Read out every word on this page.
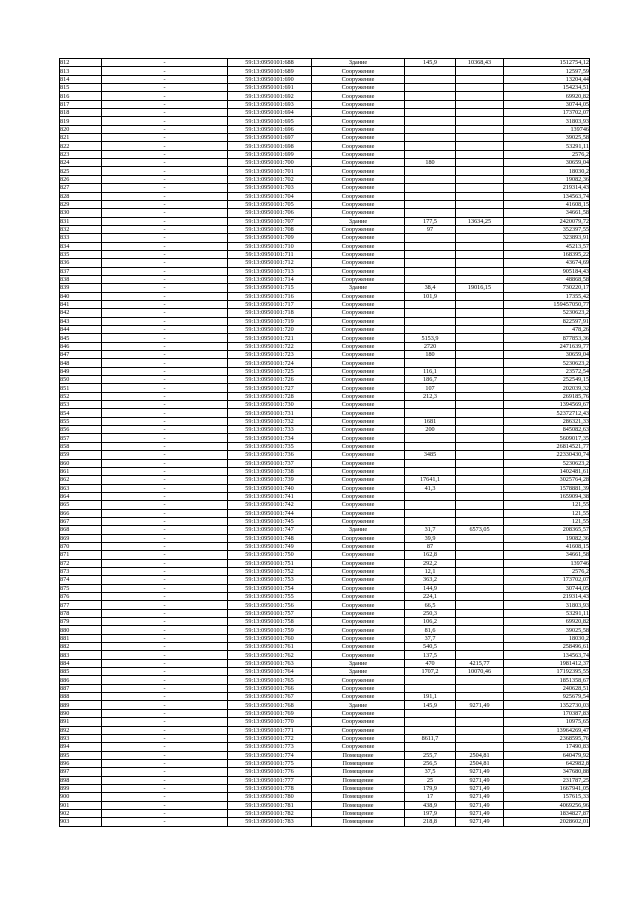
812	-	59:13:0950101:688	Здание	145,9	10368,43	1512754,12
813	-	59:13:0950101:689	Сооружение			12597,59
814	-	59:13:0950101:690	Сооружение			13204,44
815	-	59:13:0950101:691	Сооружение			154234,51
816	-	59:13:0950101:692	Сооружение			69920,82
817	-	59:13:0950101:693	Сооружение			30744,05
818	-	59:13:0950101:694	Сооружение			173702,07
819	-	59:13:0950101:695	Сооружение			31803,93
820	-	59:13:0950101:696	Сооружение			139746
821	-	59:13:0950101:697	Сооружение			39025,58
822	-	59:13:0950101:698	Сооружение			53291,11
823	-	59:13:0950101:699	Сооружение			2576,2
824	-	59:13:0950101:700	Сооружение	180		30659,04
825	-	59:13:0950101:701	Сооружение			18030,2
826	-	59:13:0950101:702	Сооружение			19082,36
827	-	59:13:0950101:703	Сооружение			219314,43
828	-	59:13:0950101:704	Сооружение			134563,74
829	-	59:13:0950101:705	Сооружение			41608,15
830	-	59:13:0950101:706	Сооружение			34661,58
831	-	59:13:0950101:707	Здание	177,5	13634,25	2420079,72
832	-	59:13:0950101:708	Сооружение	97		352397,55
833	-	59:13:0950101:709	Сооружение			323893,91
834	-	59:13:0950101:710	Сооружение			45213,57
835	-	59:13:0950101:711	Сооружение			168395,22
836	-	59:13:0950101:712	Сооружение			43674,69
837	-	59:13:0950101:713	Сооружение			905184,43
838	-	59:13:0950101:714	Сооружение			48868,58
839	-	59:13:0950101:715	Здание	38,4	19016,15	730220,17
840	-	59:13:0950101:716	Сооружение	101,9		17355,42
841	-	59:13:0950101:717	Сооружение			159457050,77
842	-	59:13:0950101:718	Сооружение			5230623,2
843	-	59:13:0950101:719	Сооружение			822597,91
844	-	59:13:0950101:720	Сооружение			478,26
845	-	59:13:0950101:721	Сооружение	5153,9		877853,36
846	-	59:13:0950101:722	Сооружение	2720		2471639,77
847	-	59:13:0950101:723	Сооружение	180		30659,04
848	-	59:13:0950101:724	Сооружение			5230623,2
849	-	59:13:0950101:725	Сооружение	116,1		23572,54
850	-	59:13:0950101:726	Сооружение	186,7		252549,15
851	-	59:13:0950101:727	Сооружение	107		202039,32
852	-	59:13:0950101:728	Сооружение	212,3		269185,76
853	-	59:13:0950101:730	Сооружение			1394569,67
854	-	59:13:0950101:731	Сооружение			52372712,43
855	-	59:13:0950101:732	Сооружение	1681		286321,33
856	-	59:13:0950101:733	Сооружение	200		845082,63
857	-	59:13:0950101:734	Сооружение			5609017,35
858	-	59:13:0950101:735	Сооружение			26814521,77
859	-	59:13:0950101:736	Сооружение	3485		22330430,74
860	-	59:13:0950101:737	Сооружение			5230623,2
861	-	59:13:0950101:738	Сооружение			1402481,61
862	-	59:13:0950101:739	Сооружение	17641,1		3025764,28
863	-	59:13:0950101:740	Сооружение	41,3		1578881,39
864	-	59:13:0950101:741	Сооружение			1659094,38
865	-	59:13:0950101:742	Сооружение			121,55
866	-	59:13:0950101:744	Сооружение			121,55
867	-	59:13:0950101:745	Сооружение			121,55
868	-	59:13:0950101:747	Здание	31,7	6573,05	208365,57
869	-	59:13:0950101:748	Сооружение	39,9		19082,36
870	-	59:13:0950101:749	Сооружение	87		41608,15
871	-	59:13:0950101:750	Сооружение	162,8		34661,58
872	-	59:13:0950101:751	Сооружение	292,2		139746
873	-	59:13:0950101:752	Сооружение	12,1		2576,2
874	-	59:13:0950101:753	Сооружение	363,2		173702,07
875	-	59:13:0950101:754	Сооружение	144,9		30744,05
876	-	59:13:0950101:755	Сооружение	224,1		219314,43
877	-	59:13:0950101:756	Сооружение	66,5		31803,93
878	-	59:13:0950101:757	Сооружение	250,3		53291,11
879	-	59:13:0950101:758	Сооружение	106,2		69920,82
880	-	59:13:0950101:759	Сооружение	81,6		39025,58
881	-	59:13:0950101:760	Сооружение	37,7		18030,2
882	-	59:13:0950101:761	Сооружение	540,5		258496,61
883	-	59:13:0950101:762	Сооружение	137,5		134563,74
884	-	59:13:0950101:763	Здание	470	4215,77	1981412,37
885	-	59:13:0950101:764	Здание	1707,2	10070,46	17192395,55
886	-	59:13:0950101:765	Сооружение			1851358,67
887	-	59:13:0950101:766	Сооружение			240628,51
888	-	59:13:0950101:767	Сооружение	191,1		925679,54
889	-	59:13:0950101:768	Здание	145,9	9271,49	1352730,03
890	-	59:13:0950101:769	Сооружение			170387,83
891	-	59:13:0950101:770	Сооружение			10975,65
892	-	59:13:0950101:771	Сооружение			13964269,47
893	-	59:13:0950101:772	Сооружение	8611,7		2368595,76
894	-	59:13:0950101:773	Сооружение			17490,83
895	-	59:13:0950101:774	Помещение	255,7	2504,81	640479,92
896	-	59:13:0950101:775	Помещение	256,5	2504,81	642982,8
897	-	59:13:0950101:776	Помещение	37,5	9271,49	347680,88
898	-	59:13:0950101:777	Помещение	25	9271,49	231787,25
899	-	59:13:0950101:778	Помещение	179,9	9271,49	1667941,05
900	-	59:13:0950101:780	Помещение	17	9271,49	157615,33
901	-	59:13:0950101:781	Помещение	438,9	9271,49	4069256,96
902	-	59:13:0950101:782	Помещение	197,9	9271,49	1834827,87
903	-	59:13:0950101:783	Помещение	218,8	9271,49	2028602,01
